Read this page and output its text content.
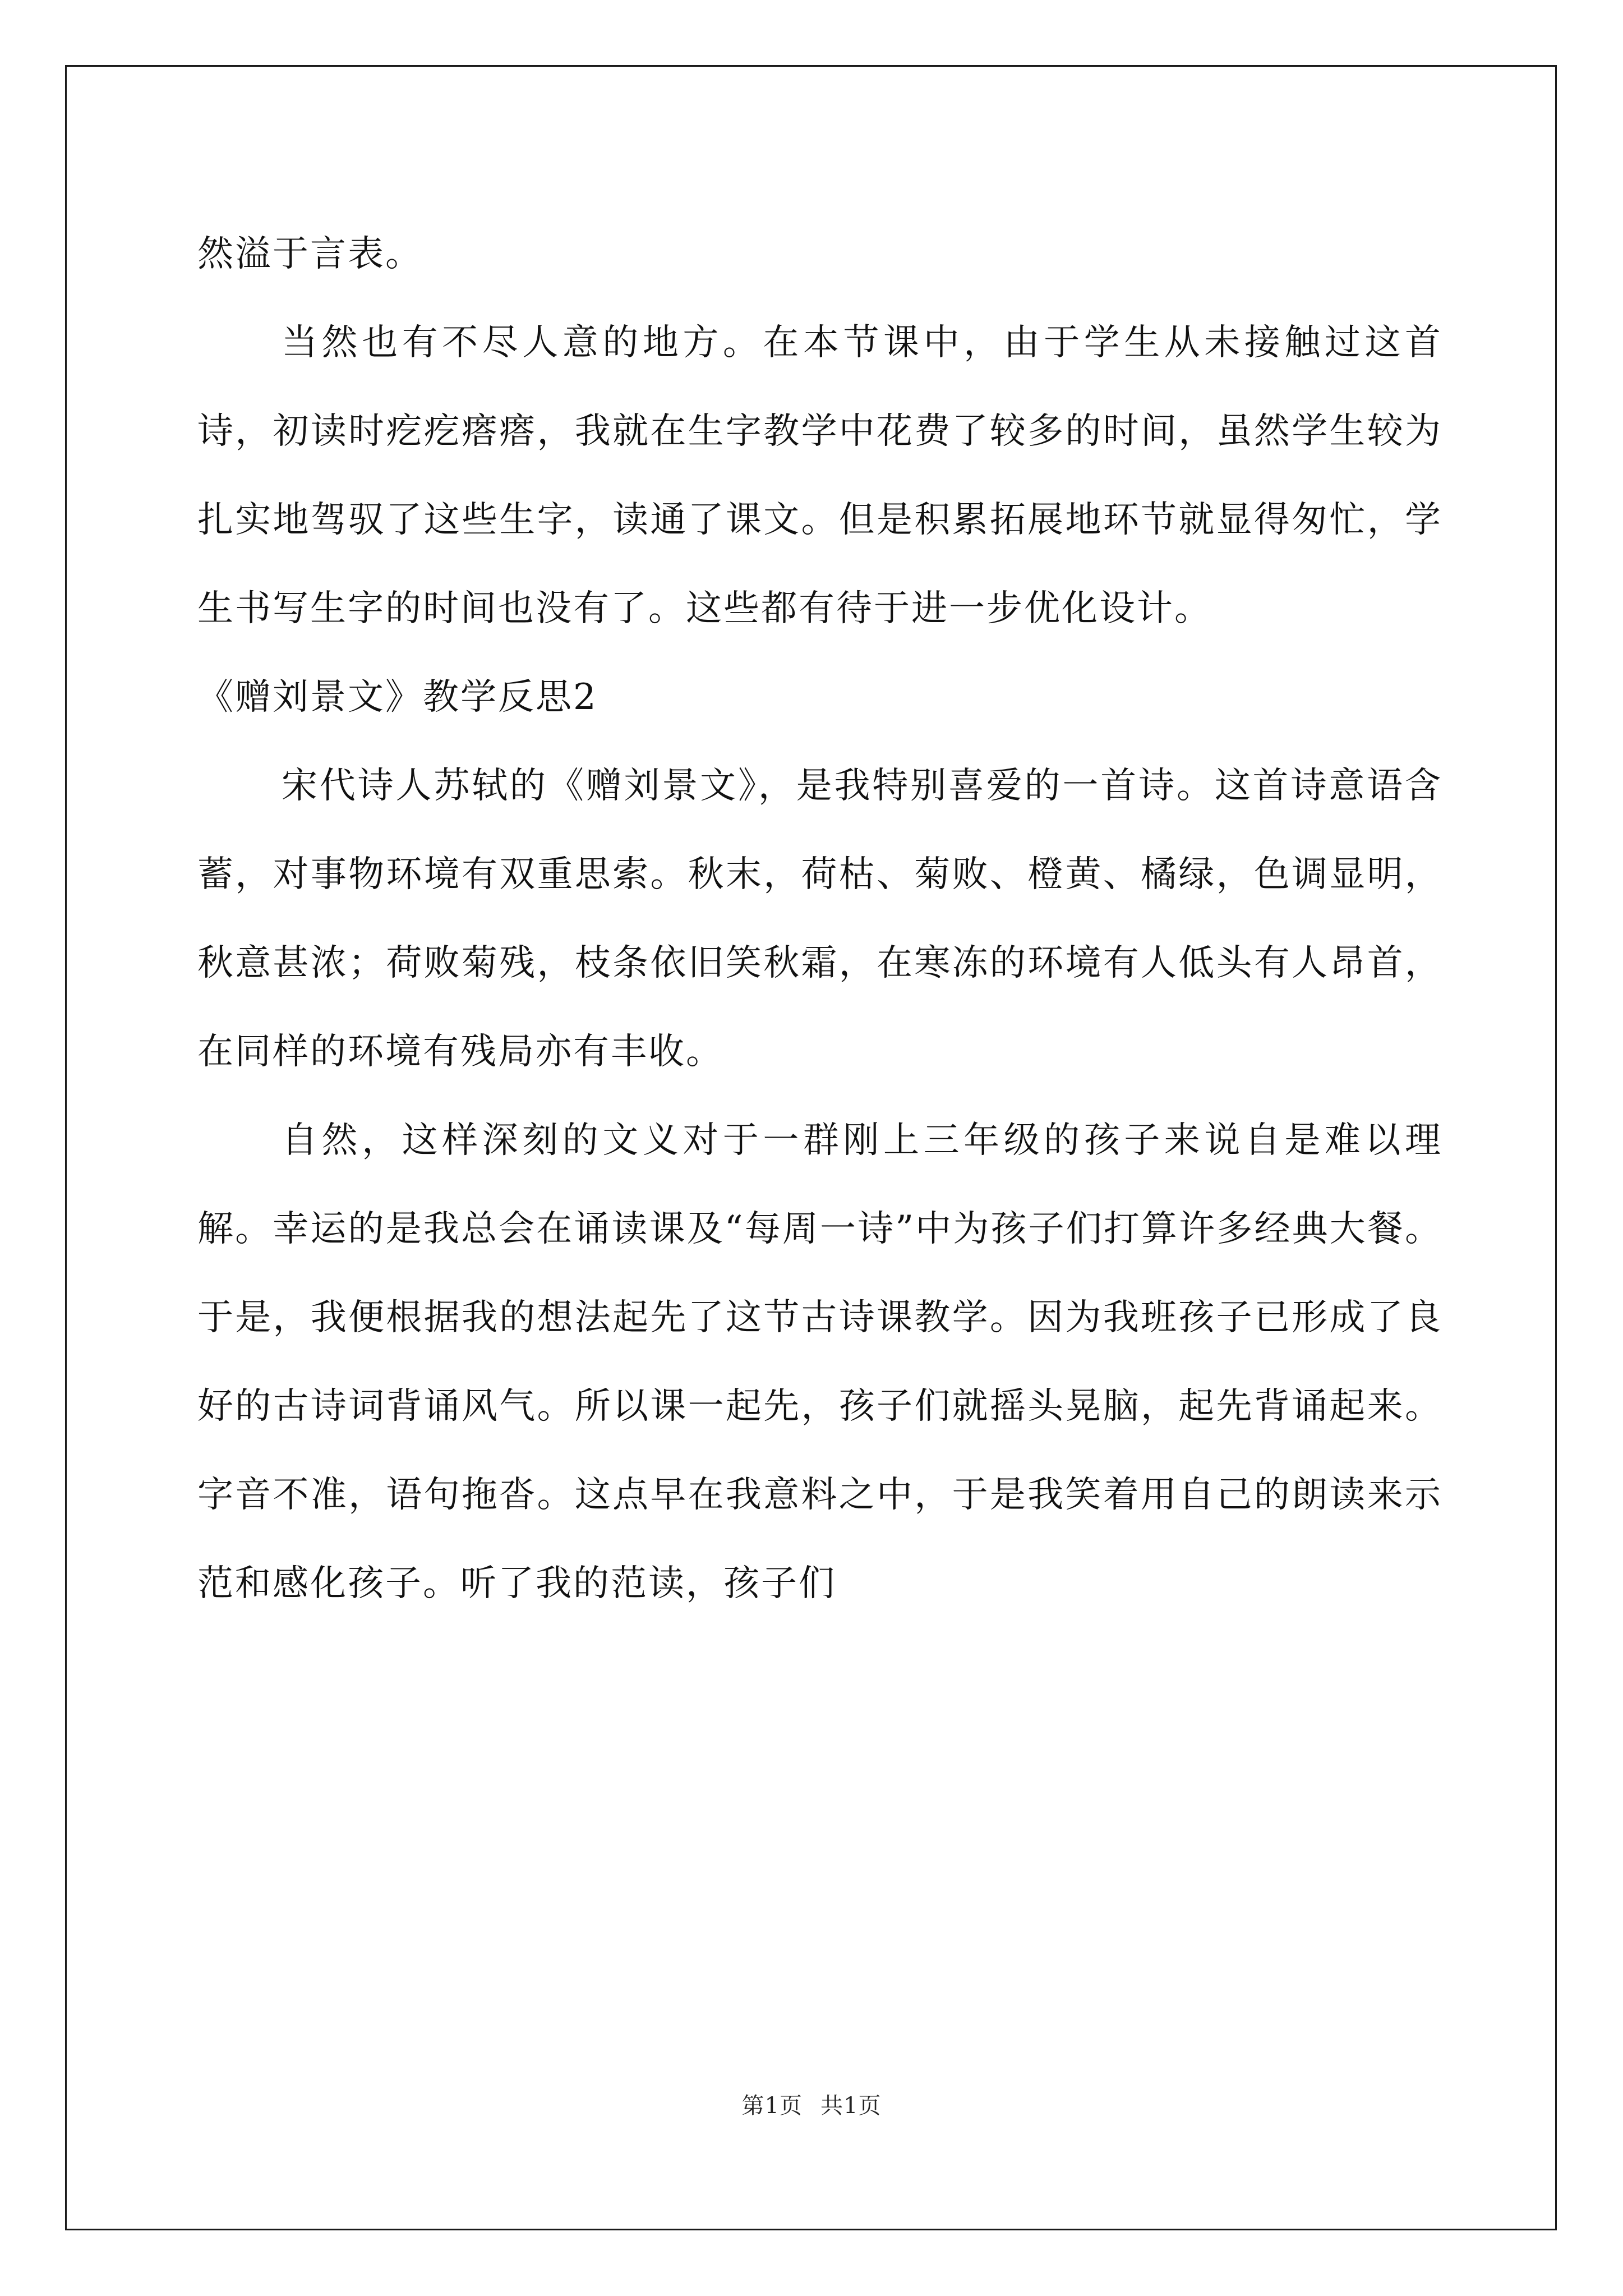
然溢于言表。

当然也有不尽人意的地方。在本节课中，由于学生从未接触过这首诗，初读时疙疙瘩瘩，我就在生字教学中花费了较多的时间，虽然学生较为扎实地驾驭了这些生字，读通了课文。但是积累拓展地环节就显得匆忙，学生书写生字的时间也没有了。这些都有待于进一步优化设计。

《赠刘景文》教学反思2

宋代诗人苏轼的《赠刘景文》，是我特别喜爱的一首诗。这首诗意语含蓄，对事物环境有双重思索。秋末，荷枯、菊败、橙黄、橘绿，色调显明，秋意甚浓；荷败菊残，枝条依旧笑秋霜，在寒冻的环境有人低头有人昂首，在同样的环境有残局亦有丰收。

自然，这样深刻的文义对于一群刚上三年级的孩子来说自是难以理解。幸运的是我总会在诵读课及“每周一诗”中为孩子们打算许多经典大餐。于是，我便根据我的想法起先了这节古诗课教学。因为我班孩子已形成了良好的古诗词背诵风气。所以课一起先，孩子们就摇头晃脑，起先背诵起来。字音不准，语句拖沓。这点早在我意料之中，于是我笑着用自己的朗读来示范和感化孩子。听了我的范读，孩子们

第1页 共1页
